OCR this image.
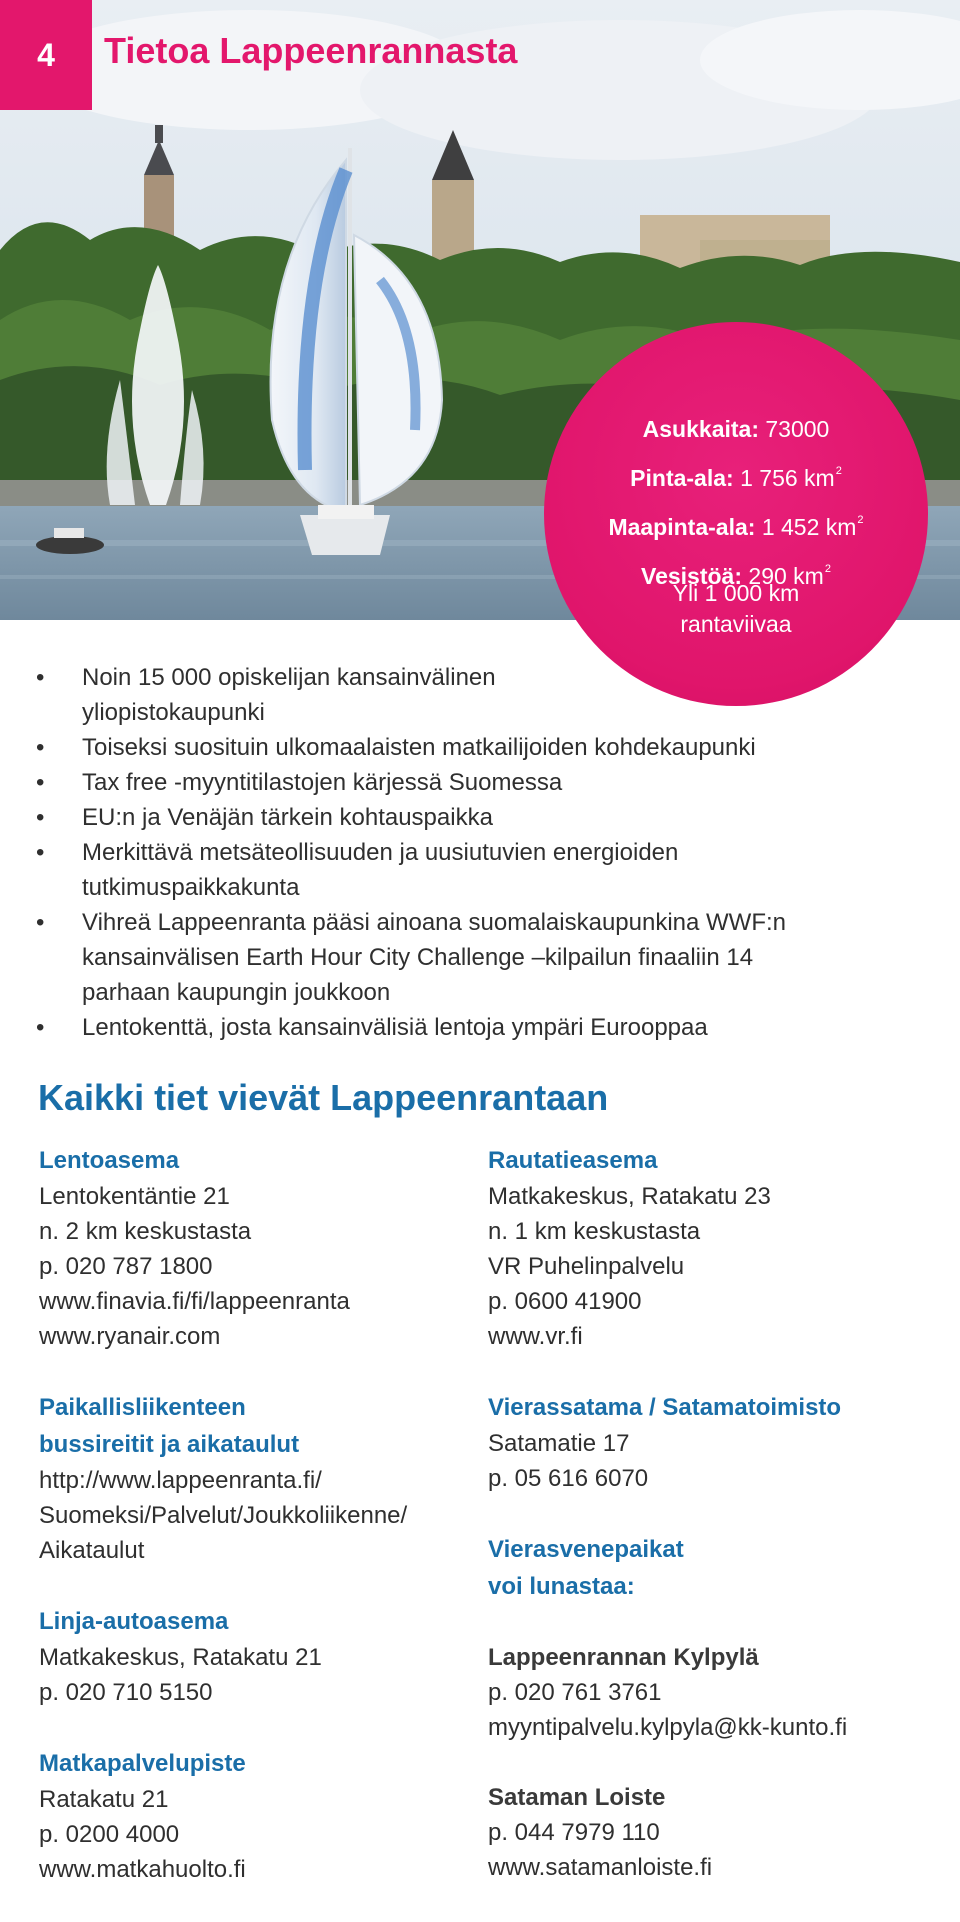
4	Tietoa Lappeenrannasta
Asukkaita: 73000
Pinta-ala: 1 756 $km^2$
Maapinta-ala: 1 452 $km^2$
Vesistöä: 290 $km^2$
Yli 1 000 km
rantaviivaa
• Noin 15 000 opiskelijan kansainvälinen
yliopistokaupunki
• Toiseksi suosituin ulkomaalaisten matkailijoiden kohdekaupunki
• Tax free -myyntitilastojen kärjessä Suomessa
• EU:n ja Venäjän tärkein kohtauspaikka
• Merkittävä metsäteollisuuden ja uusiutuvien energioiden
tutkimuspaikkakunta
• Vihreä Lappeenranta pääsi ainoana suomalaiskaupunkina WWF:n
kansainvälisen Earth Hour City Challenge –kilpailun finaaliin 14
parhaan kaupungin joukkoon
• Lentokenttä, josta kansainvälisiä lentoja ympäri Eurooppaa
Kaikki tiet vievät Lappeenrantaan
Lentoasema
Lentokentäntie 21
n. 2 km keskustasta
p. 020 787 1800
www.finavia.fi/fi/lappeenranta
www.ryanair.com
Paikallisliikenteen
bussireitit ja aikataulut
http://www.lappeenranta.fi/
Suomeksi/Palvelut/Joukkoliikenne/
Aikataulut
Linja-autoasema
Matkakeskus, Ratakatu 21
p. 020 710 5150
Matkapalvelupiste
Ratakatu 21
p. 0200 4000
www.matkahuolto.fi
Rautatieasema
Matkakeskus, Ratakatu 23
n. 1 km keskustasta
VR Puhelinpalvelu
p. 0600 41900
www.vr.fi
Vierassatama / Satamatoimisto
Satamatie 17
p. 05 616 6070
Vierasvenepaikat
voi lunastaa:
Lappeenrannan Kylpylä
p. 020 761 3761
myyntipalvelu.kylpyla@kk-kunto.fi
Sataman Loiste
p. 044 7979 110
www.satamanloiste.fi
